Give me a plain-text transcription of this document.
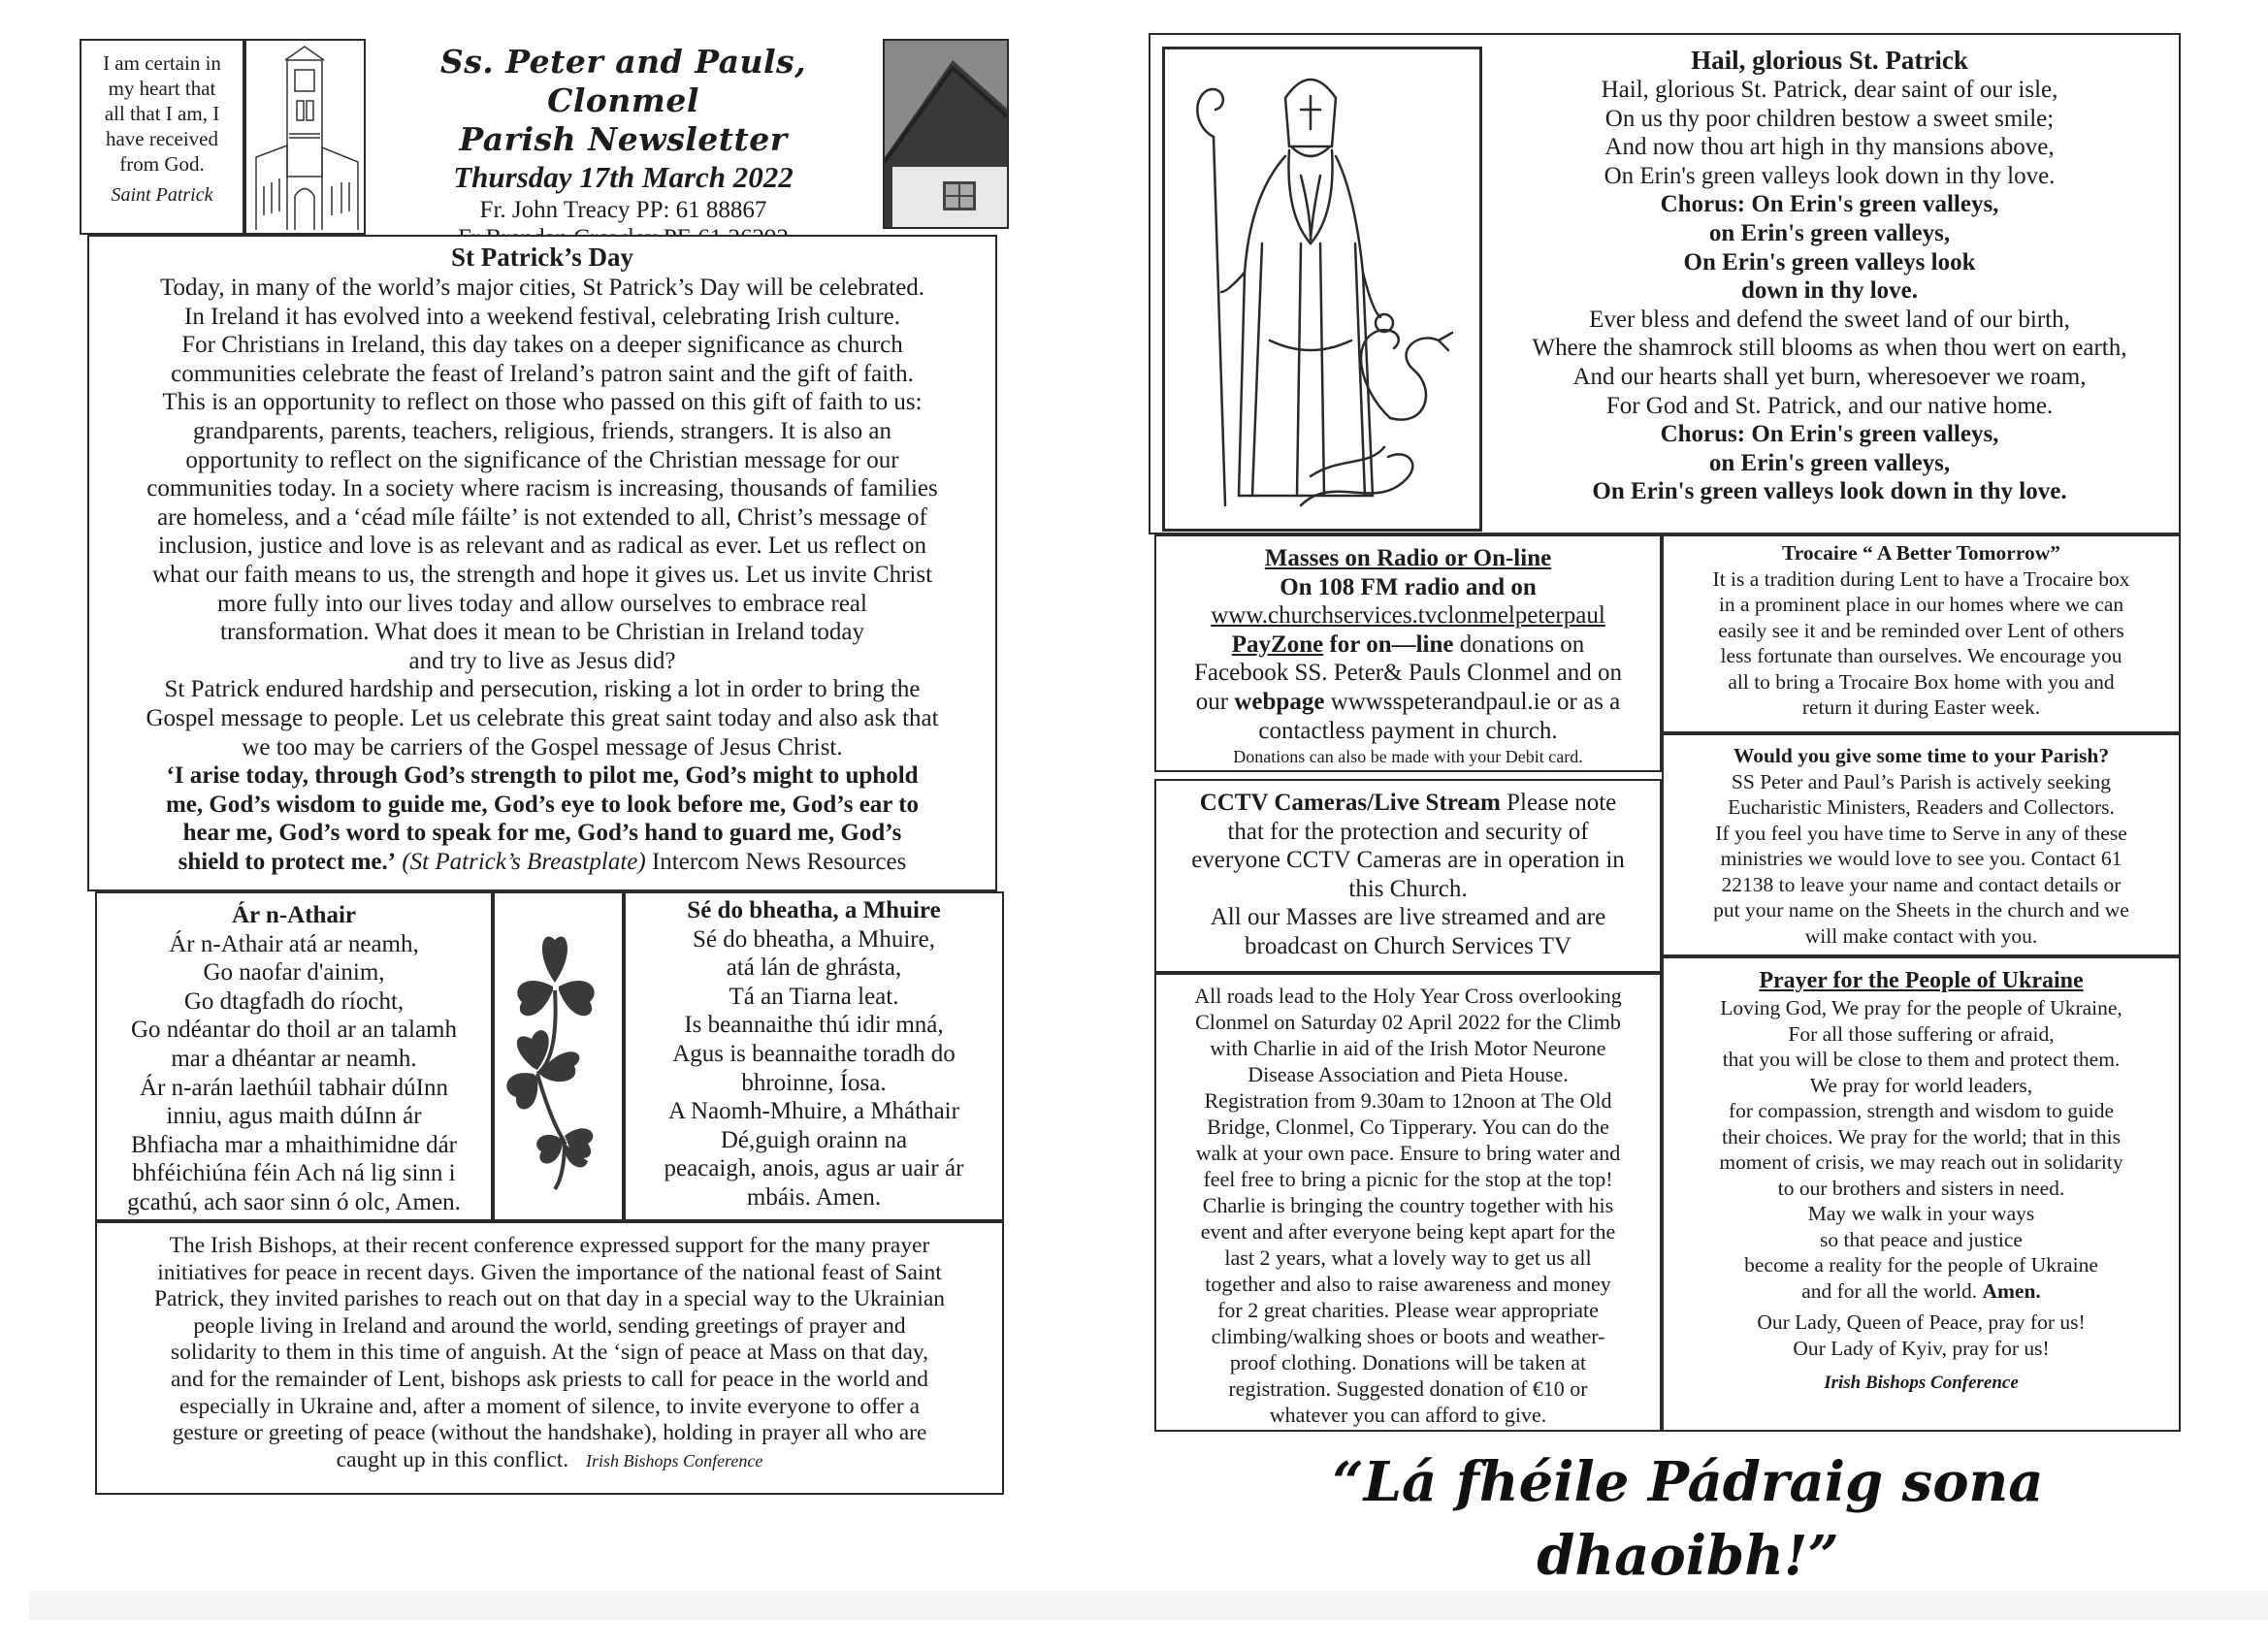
I am certain in
my heart that
all that I am, I
have received
from God.
Saint Patrick
Ss. Peter and Pauls, Clonmel
Parish Newsletter
Thursday 17th March 2022
Fr. John Treacy PP: 61 88867
St Patrick’s Day
Today, in many of the world’s major cities, St Patrick’s Day will be celebrated.
In Ireland it has evolved into a weekend festival, celebrating Irish culture.
For Christians in Ireland, this day takes on a deeper significance as church
communities celebrate the feast of Ireland’s patron saint and the gift of faith.
This is an opportunity to reflect on those who passed on this gift of faith to us:
grandparents, parents, teachers, religious, friends, strangers. It is also an
opportunity to reflect on the significance of the Christian message for our
communities today. In a society where racism is increasing, thousands of families
are homeless, and a ‘céad míle fáilte’ is not extended to all, Christ’s message of
inclusion, justice and love is as relevant and as radical as ever. Let us reflect on
what our faith means to us, the strength and hope it gives us. Let us invite Christ
more fully into our lives today and allow ourselves to embrace real
transformation. What does it mean to be Christian in Ireland today
and try to live as Jesus did?
St Patrick endured hardship and persecution, risking a lot in order to bring the
Gospel message to people. Let us celebrate this great saint today and also ask that
we too may be carriers of the Gospel message of Jesus Christ.
‘I arise today, through God’s strength to pilot me, God’s might to uphold
me, God’s wisdom to guide me, God’s eye to look before me, God’s ear to
hear me, God’s word to speak for me, God’s hand to guard me, God’s
shield to protect me.’ (St Patrick’s Breastplate) Intercom News Resources
Ár n-Athair
Ár n-Athair atá ar neamh,
Go naofar d'ainim,
Go dtagfadh do ríocht,
Go ndéantar do thoil ar an talamh
mar a dhéantar ar neamh.
Ár n-arán laethúil tabhair dúInn
inniu, agus maith dúInn ár
Bhfiacha mar a mhaithimidne dár
bhféichiúna féin Ach ná lig sinn i
gcathú, ach saor sinn ó olc, Amen.
Sé do bheatha, a Mhuire
Sé do bheatha, a Mhuire,
atá lán de ghrásta,
Tá an Tiarna leat.
Is beannaithe thú idir mná,
Agus is beannaithe toradh do
bhroinne, Íosa.
A Naomh-Mhuire, a Mháthair
Dé,guigh orainn na
peacaigh, anois, agus ar uair ár
mbáis. Amen.
The Irish Bishops, at their recent conference expressed support for the many prayer
initiatives for peace in recent days. Given the importance of the national feast of Saint
Patrick, they invited parishes to reach out on that day in a special way to the Ukrainian
people living in Ireland and around the world, sending greetings of prayer and
solidarity to them in this time of anguish. At the ‘sign of peace at Mass on that day,
and for the remainder of Lent, bishops ask priests to call for peace in the world and
especially in Ukraine and, after a moment of silence, to invite everyone to offer a
gesture or greeting of peace (without the handshake), holding in prayer all who are
caught up in this conflict. Irish Bishops Conference
Hail, glorious St. Patrick
Hail, glorious St. Patrick, dear saint of our isle,
On us thy poor children bestow a sweet smile;
And now thou art high in thy mansions above,
On Erin's green valleys look down in thy love.
Chorus: On Erin's green valleys,
on Erin's green valleys,
On Erin's green valleys look
down in thy love.
Ever bless and defend the sweet land of our birth,
Where the shamrock still blooms as when thou wert on earth,
And our hearts shall yet burn, wheresoever we roam,
For God and St. Patrick, and our native home.
Chorus: On Erin's green valleys,
on Erin's green valleys,
On Erin's green valleys look down in thy love.
Masses on Radio or On-line
On 108 FM radio and on
www.churchservices.tvclonmelpeterpaul
PayZone for on—line donations on
Facebook SS. Peter& Pauls Clonmel and on
our webpage wwwsspeterandpaul.ie or as a
contactless payment in church.
Donations can also be made with your Debit card.
Trocaire “ A Better Tomorrow”
It is a tradition during Lent to have a Trocaire box
in a prominent place in our homes where we can
easily see it and be reminded over Lent of others
less fortunate than ourselves. We encourage you
all to bring a Trocaire Box home with you and
return it during Easter week.
CCTV Cameras/Live Stream Please note
that for the protection and security of
everyone CCTV Cameras are in operation in
this Church.
All our Masses are live streamed and are
broadcast on Church Services TV
Would you give some time to your Parish?
SS Peter and Paul’s Parish is actively seeking
Eucharistic Ministers, Readers and Collectors.
If you feel you have time to Serve in any of these
ministries we would love to see you. Contact 61
22138 to leave your name and contact details or
put your name on the Sheets in the church and we
will make contact with you.
All roads lead to the Holy Year Cross overlooking
Clonmel on Saturday 02 April 2022 for the Climb
with Charlie in aid of the Irish Motor Neurone
Disease Association and Pieta House.
Registration from 9.30am to 12noon at The Old
Bridge, Clonmel, Co Tipperary. You can do the
walk at your own pace. Ensure to bring water and
feel free to bring a picnic for the stop at the top!
Charlie is bringing the country together with his
event and after everyone being kept apart for the
last 2 years, what a lovely way to get us all
together and also to raise awareness and money
for 2 great charities. Please wear appropriate
climbing/walking shoes or boots and weather-
proof clothing. Donations will be taken at
registration. Suggested donation of €10 or
whatever you can afford to give.
Prayer for the People of Ukraine
Loving God, We pray for the people of Ukraine,
For all those suffering or afraid,
that you will be close to them and protect them.
We pray for world leaders,
for compassion, strength and wisdom to guide
their choices. We pray for the world; that in this
moment of crisis, we may reach out in solidarity
to our brothers and sisters in need.
May we walk in your ways
so that peace and justice
become a reality for the people of Ukraine
and for all the world. Amen.
Our Lady, Queen of Peace, pray for us!
Our Lady of Kyiv, pray for us!
Irish Bishops Conference
“Lá fhéile Pádraig sona dhaoibh!”
